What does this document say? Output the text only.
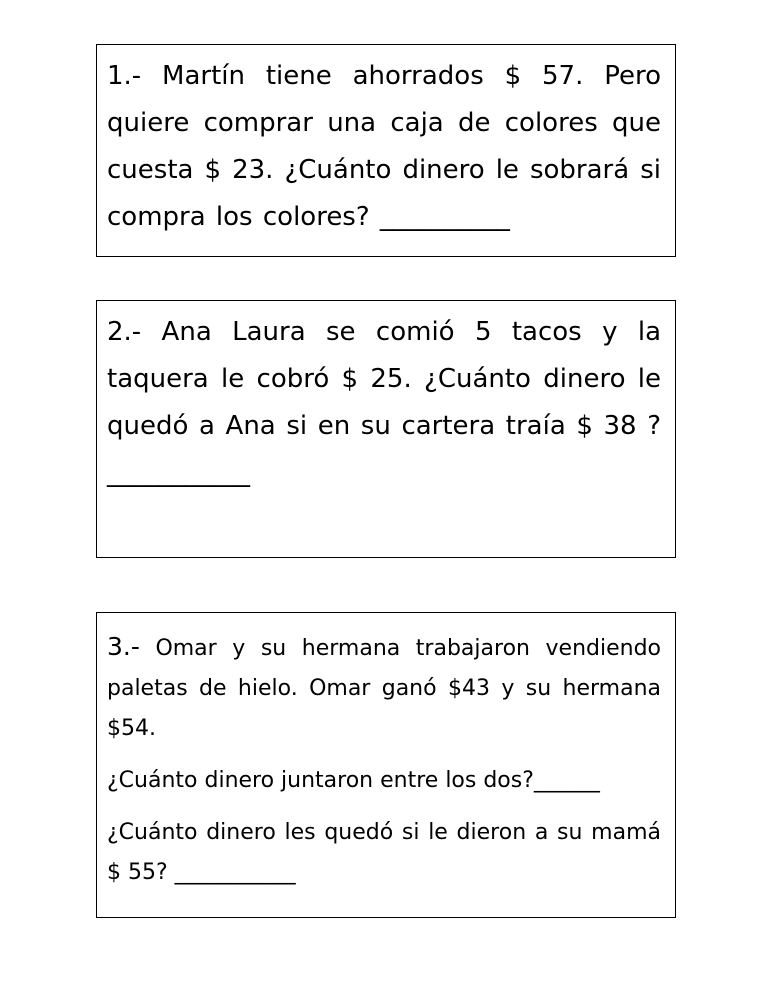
1.- Martín tiene ahorrados $ 57. Pero

quiere comprar una caja de colores que

cuesta $ 23. ¿Cuánto dinero le sobrará si

compra los colores? __________

2.- Ana Laura se comió 5 tacos y la

taquera le cobró $ 25. ¿Cuánto dinero le

quedó a Ana si en su cartera traía $ 38 ?

___________

3.- Omar y su hermana trabajaron vendiendo

paletas de hielo. Omar ganó $43 y su hermana

$54.

¿Cuánto dinero juntaron entre los dos?______

¿Cuánto dinero les quedó si le dieron a su mamá

$ 55? ___________
